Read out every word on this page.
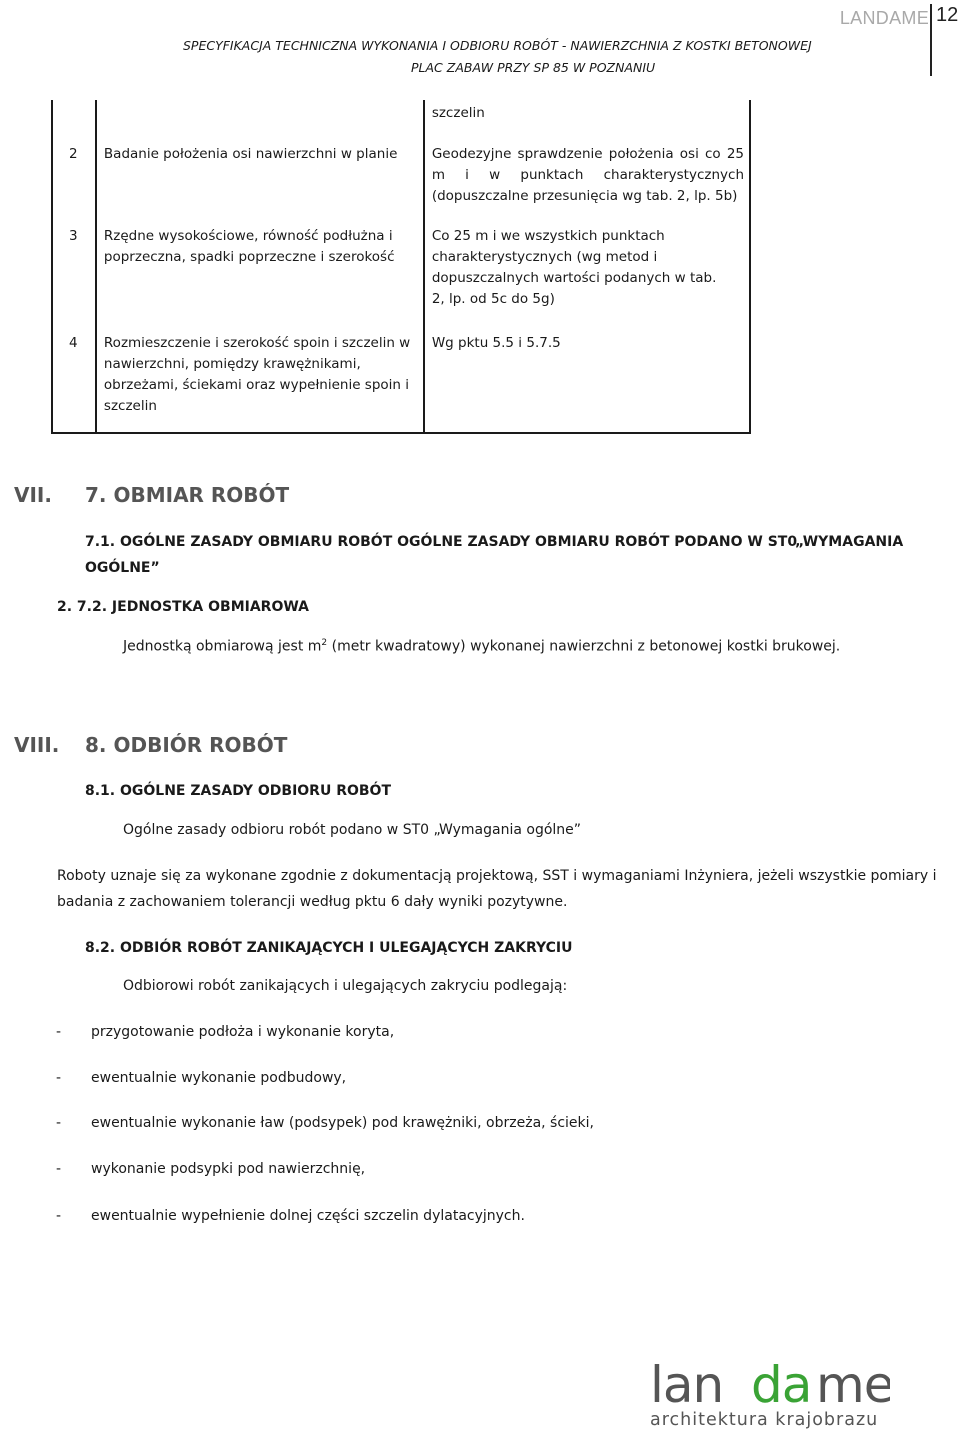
LANDAME 12
SPECYFIKACJA TECHNICZNA WYKONANIA I ODBIORU ROBÓT - NAWIERZCHNIA Z KOSTKI BETONOWEJ
PLAC ZABAW PRZY SP 85 W POZNANIU
		szczelin
2	Badanie położenia osi nawierzchni w planie	Geodezyjne sprawdzenie położenia osi co 25 m i w punktach charakterystycznych (dopuszczalne przesunięcia wg tab. 2, lp. 5b)
3	Rzędne wysokościowe, równość podłużna i poprzeczna, spadki poprzeczne i szerokość	Co 25 m i we wszystkich punktach charakterystycznych (wg metod i dopuszczalnych wartości podanych w tab. 2, lp. od 5c do 5g)
4	Rozmieszczenie i szerokość spoin i szczelin w nawierzchni, pomiędzy krawężnikami, obrzeżami, ściekami oraz wypełnienie spoin i szczelin	Wg pktu 5.5 i 5.7.5
VII. 7. OBMIAR ROBÓT
7.1. OGÓLNE ZASADY OBMIARU ROBÓT OGÓLNE ZASADY OBMIARU ROBÓT PODANO W ST0
„WYMAGANIA
OGÓLNE”
2. 7.2. JEDNOSTKA OBMIAROWA
Jednostką obmiarową jest $m^2$ (metr kwadratowy) wykonanej nawierzchni z betonowej kostki brukowej.
VIII. 8. ODBIÓR ROBÓT
8.1. OGÓLNE ZASADY ODBIORU ROBÓT
Ogólne zasady odbioru robót podano w ST0 „Wymagania ogólne”
Roboty uznaje się za wykonane zgodnie z dokumentacją projektową, SST i wymaganiami Inżyniera, jeżeli wszystkie pomiary i
badania z zachowaniem tolerancji według pktu 6 dały wyniki pozytywne.
8.2. ODBIÓR ROBÓT ZANIKAJĄCYCH I ULEGAJĄCYCH ZAKRYCIU
Odbiorowi robót zanikających i ulegających zakryciu podlegają:
- przygotowanie podłoża i wykonanie koryta,
- ewentualnie wykonanie podbudowy,
- ewentualnie wykonanie ław (podsypek) pod krawężniki, obrzeża, ścieki,
- wykonanie podsypki pod nawierzchnię,
- ewentualnie wypełnienie dolnej części szczelin dylatacyjnych.
lan da me
architektura krajobrazu
